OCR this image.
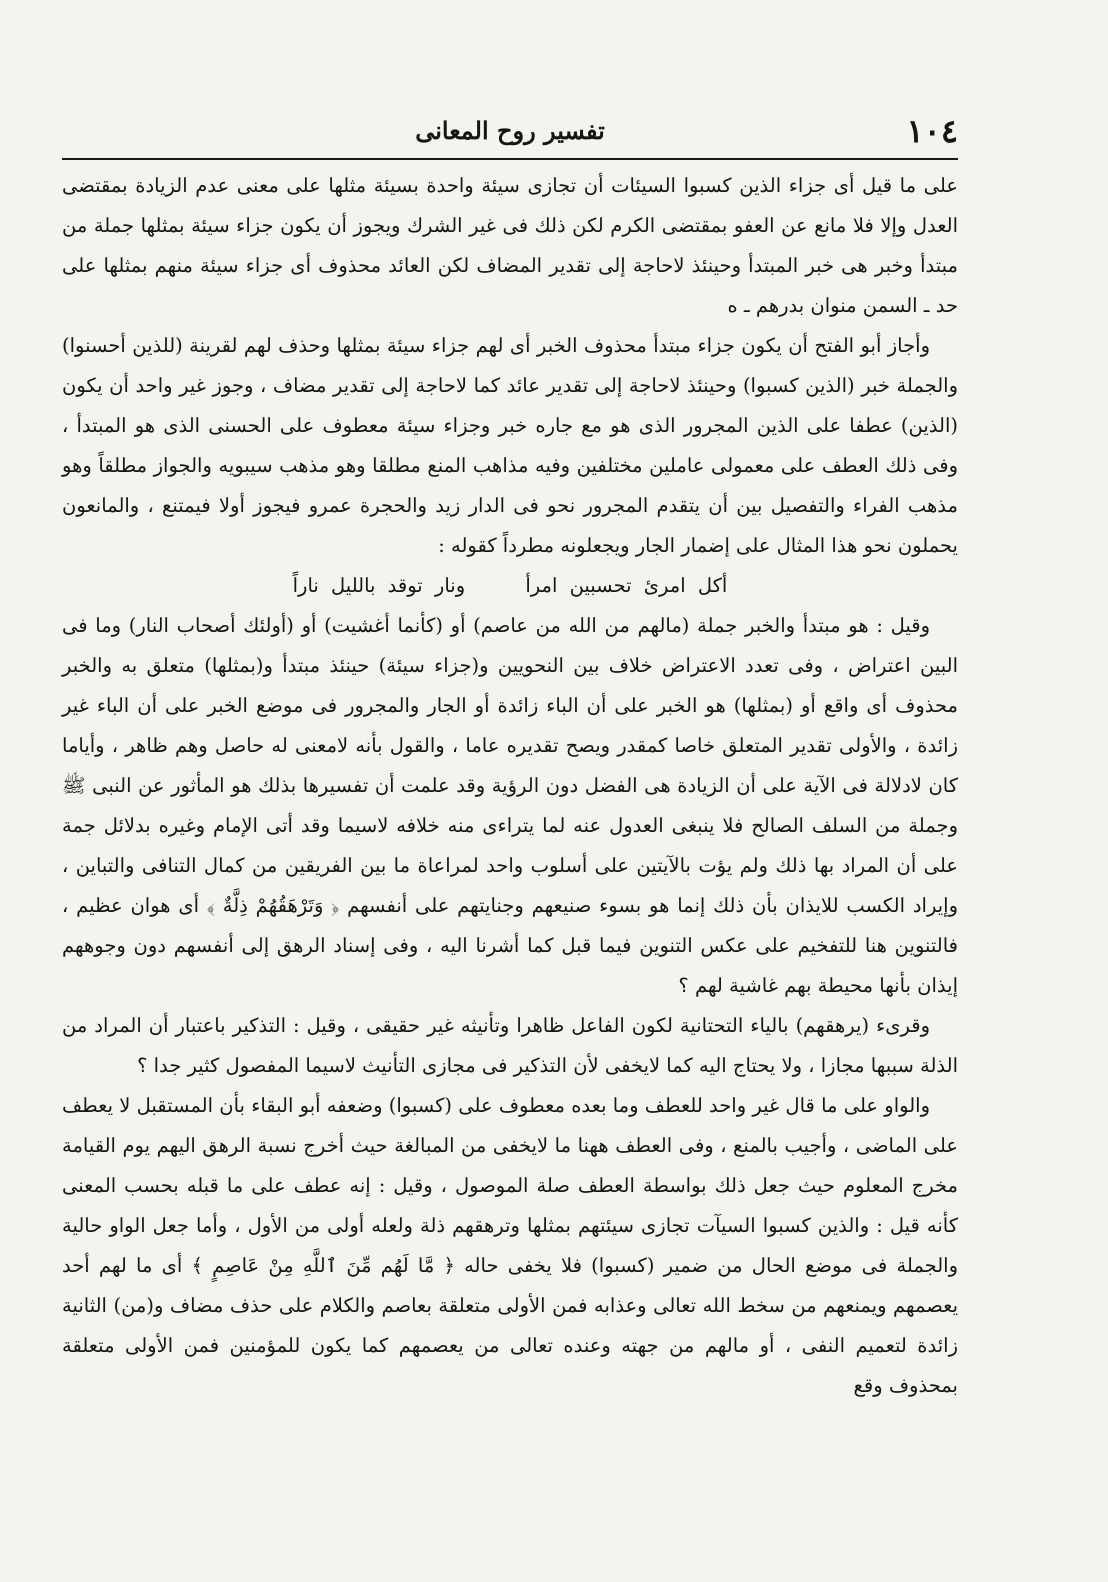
١٠٤
تفسير روح المعانى

على ما قيل أى جزاء الذين كسبوا السيئات أن تجازى سيئة واحدة بسيئة مثلها على معنى عدم الزيادة بمقتضى العدل وإلا فلا مانع عن العفو بمقتضى الكرم لكن ذلك فى غير الشرك ويجوز أن يكون جزاء سيئة بمثلها جملة من مبتدأ وخبر هى خبر المبتدأ وحينئذ لاحاجة إلى تقدير المضاف لكن العائد محذوف أى جزاء سيئة منهم بمثلها على حد ـ السمن منوان بدرهم ـ ه

وأجاز أبو الفتح أن يكون جزاء مبتدأ محذوف الخبر أى لهم جزاء سيئة بمثلها وحذف لهم لقرينة (للذين أحسنوا) والجملة خبر (الذين كسبوا) وحينئذ لاحاجة إلى تقدير عائد كما لاحاجة إلى تقدير مضاف ، وجوز غير واحد أن يكون (الذين) عطفا على الذين المجرور الذى هو مع جاره خبر وجزاء سيئة معطوف على الحسنى الذى هو المبتدأ ، وفى ذلك العطف على معمولى عاملين مختلفين وفيه مذاهب المنع مطلقا وهو مذهب سيبويه والجواز مطلقاً وهو مذهب الفراء والتفصيل بين أن يتقدم المجرور نحو فى الدار زيد والحجرة عمرو فيجوز أولا فيمتنع ، والمانعون يحملون نحو هذا المثال على إضمار الجار ويجعلونه مطرداً كقوله :

أكل امرئ تحسبين امرأ ونار توقد بالليل ناراً

وقيل : هو مبتدأ والخبر جملة (مالهم من الله من عاصم) أو (كأنما أغشيت) أو (أولئك أصحاب النار) وما فى البين اعتراض ، وفى تعدد الاعتراض خلاف بين النحويين و(جزاء سيئة) حينئذ مبتدأ و(بمثلها) متعلق به والخبر محذوف أى واقع أو (بمثلها) هو الخبر على أن الباء زائدة أو الجار والمجرور فى موضع الخبر على أن الباء غير زائدة ، والأولى تقدير المتعلق خاصا كمقدر ويصح تقديره عاما ، والقول بأنه لامعنى له حاصل وهم ظاهر ، وأياما كان لادلالة فى الآية على أن الزيادة هى الفضل دون الرؤية وقد علمت أن تفسيرها بذلك هو المأثور عن النبى ﷺ وجملة من السلف الصالح فلا ينبغى العدول عنه لما يتراءى منه خلافه لاسيما وقد أتى الإمام وغيره بدلائل جمة على أن المراد بها ذلك ولم يؤت بالآيتين على أسلوب واحد لمراعاة ما بين الفريقين من كمال التنافى والتباين ، وإيراد الكسب للايذان بأن ذلك إنما هو بسوء صنيعهم وجنايتهم على أنفسهم ﴿ وَتَرْهَقُهُمْ ذِلَّةٌ ﴾ أى هوان عظيم ، فالتنوين هنا للتفخيم على عكس التنوين فيما قبل كما أشرنا اليه ، وفى إسناد الرهق إلى أنفسهم دون وجوههم إيذان بأنها محيطة بهم غاشية لهم ؟

وقرىء (يرهقهم) بالياء التحتانية لكون الفاعل ظاهرا وتأنيثه غير حقيقى ، وقيل : التذكير باعتبار أن المراد من الذلة سببها مجازا ، ولا يحتاج اليه كما لايخفى لأن التذكير فى مجازى التأنيث لاسيما المفصول كثير جدا ؟

والواو على ما قال غير واحد للعطف وما بعده معطوف على (كسبوا) وضعفه أبو البقاء بأن المستقبل لا يعطف على الماضى ، وأجيب بالمنع ، وفى العطف ههنا ما لايخفى من المبالغة حيث أخرج نسبة الرهق اليهم يوم القيامة مخرج المعلوم حيث جعل ذلك بواسطة العطف صلة الموصول ، وقيل : إنه عطف على ما قبله بحسب المعنى كأنه قيل : والذين كسبوا السيآت تجازى سيئتهم بمثلها وترهقهم ذلة ولعله أولى من الأول ، وأما جعل الواو حالية والجملة فى موضع الحال من ضمير (كسبوا) فلا يخفى حاله ﴿ مَّا لَهُم مِّنَ ٱللَّهِ مِنْ عَاصِمٍ ﴾ أى ما لهم أحد يعصمهم ويمنعهم من سخط الله تعالى وعذابه فمن الأولى متعلقة بعاصم والكلام على حذف مضاف و(من) الثانية زائدة لتعميم النفى ، أو مالهم من جهته وعنده تعالى من يعصمهم كما يكون للمؤمنين فمن الأولى متعلقة بمحذوف وقع
